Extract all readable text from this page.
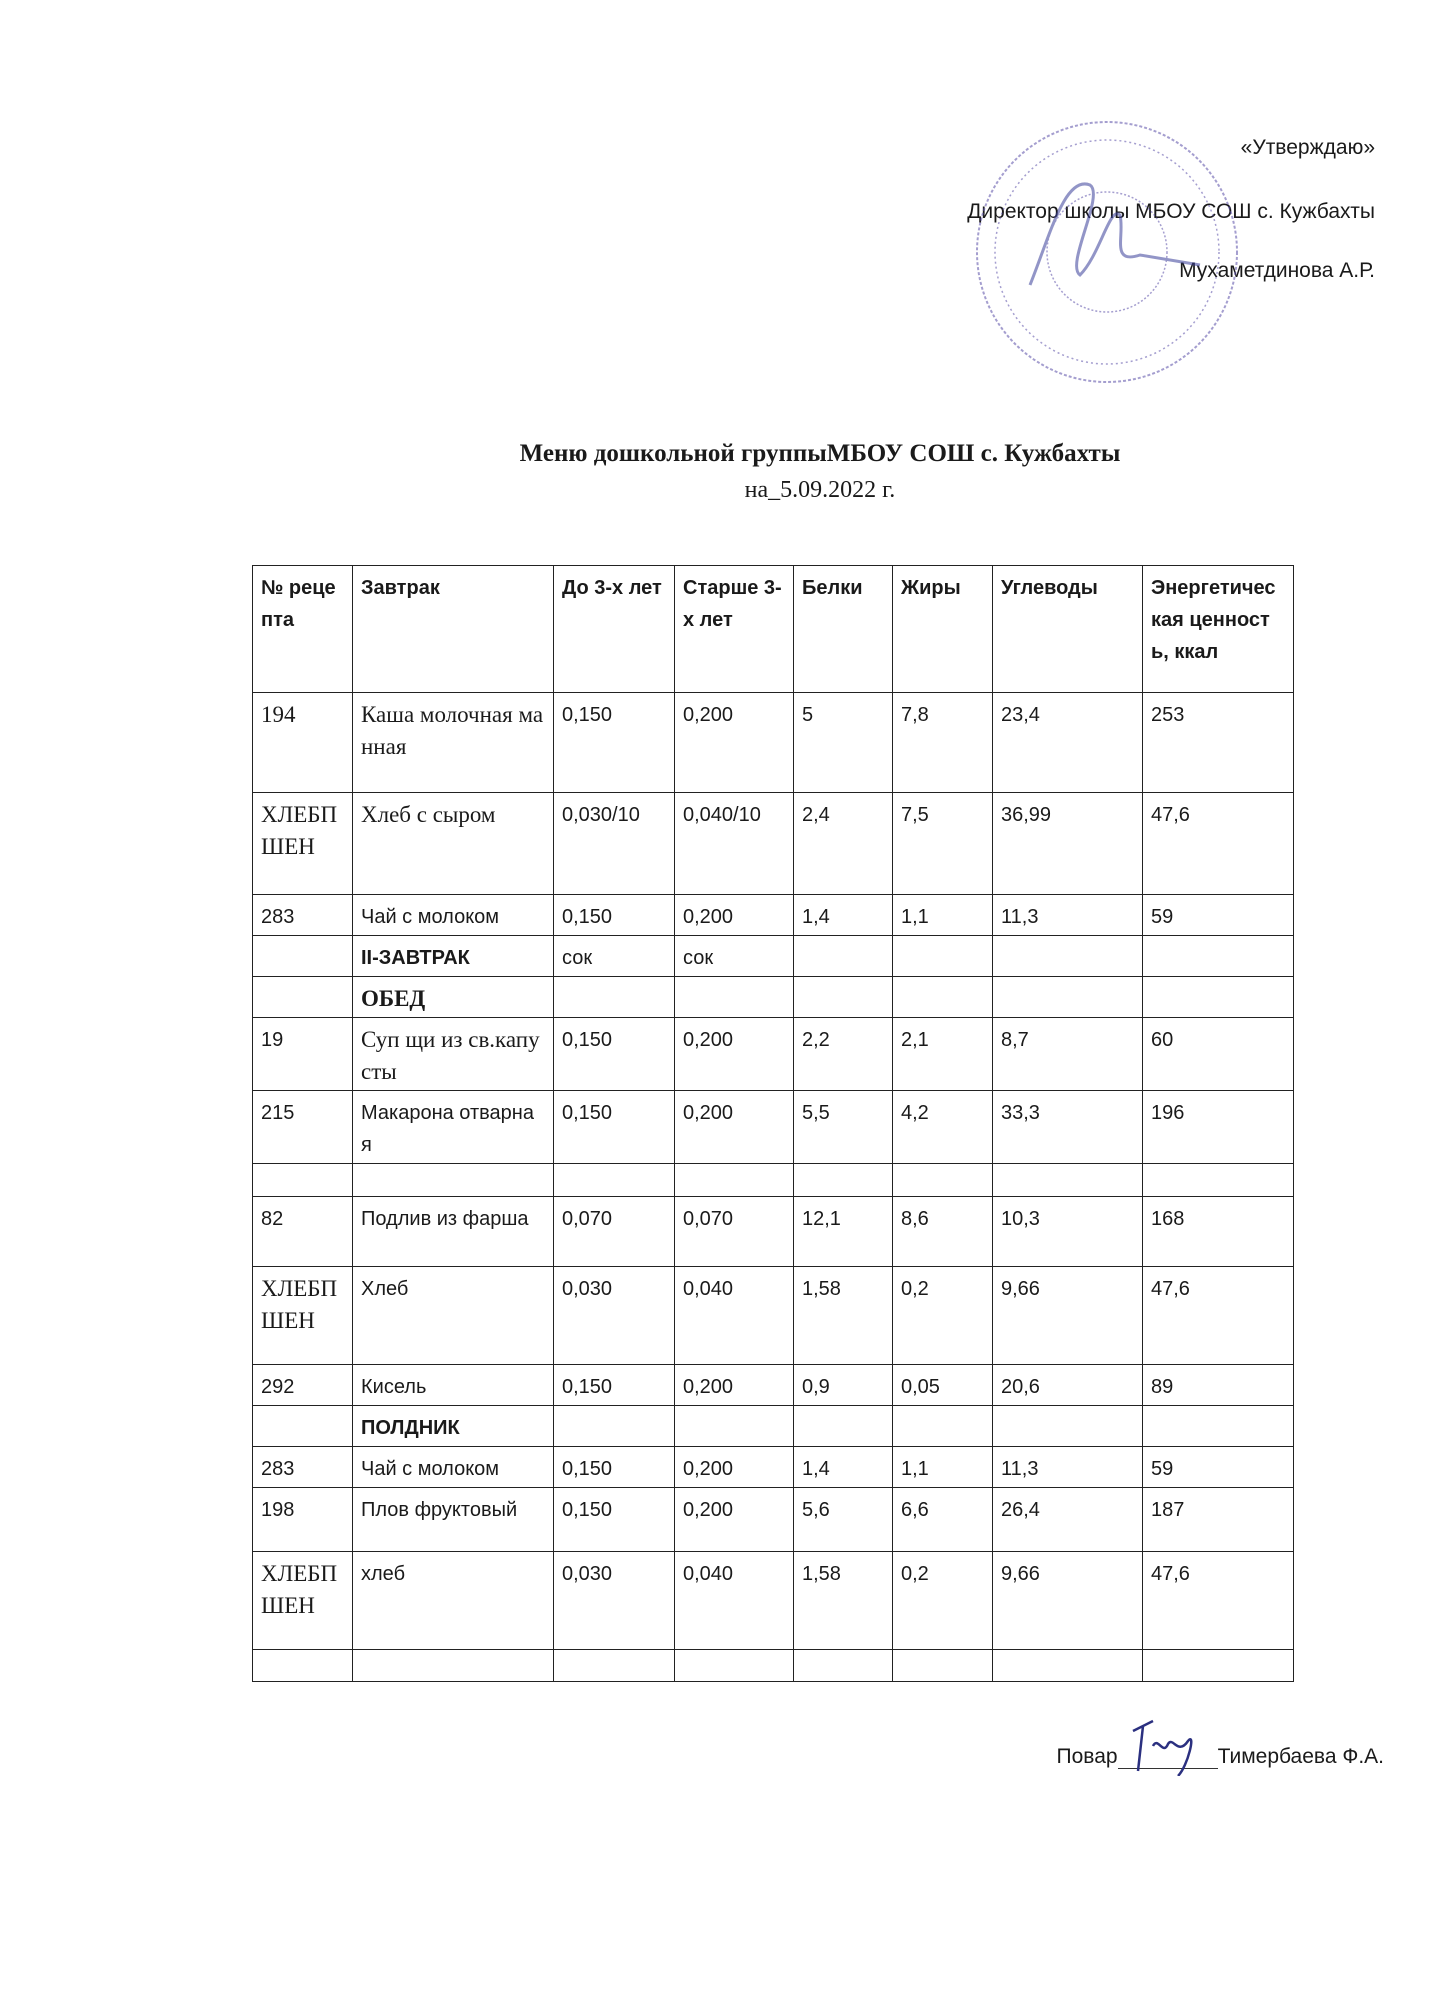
«Утверждаю»
Директор школы МБОУ СОШ с. Кужбахты
Мухаметдинова А.Р.
Меню дошкольной группыМБОУ СОШ с. Кужбахты
на_5.09.2022 г.
№ рецепта	Завтрак	До 3-х лет	Старше 3-х лет	Белки	Жиры	Углеводы	Энергетическая ценность, ккал
194	Каша молочная манная	0,150	0,200	5	7,8	23,4	253
ХЛЕБПШЕН	Хлеб с сыром	0,030/10	0,040/10	2,4	7,5	36,99	47,6
283	Чай с молоком	0,150	0,200	1,4	1,1	11,3	59
	II-ЗАВТРАК	сок	сок				
	ОБЕД						
19	Суп щи из св.капусты	0,150	0,200	2,2	2,1	8,7	60
215	Макарона отварная	0,150	0,200	5,5	4,2	33,3	196

82	Подлив из фарша	0,070	0,070	12,1	8,6	10,3	168
ХЛЕБПШЕН	Хлеб	0,030	0,040	1,58	0,2	9,66	47,6
292	Кисель	0,150	0,200	0,9	0,05	20,6	89
	ПОЛДНИК						
283	Чай с молоком	0,150	0,200	1,4	1,1	11,3	59
198	Плов фруктовый	0,150	0,200	5,6	6,6	26,4	187
ХЛЕБПШЕН	хлеб	0,030	0,040	1,58	0,2	9,66	47,6

Повар	Тимербаева Ф.А.
